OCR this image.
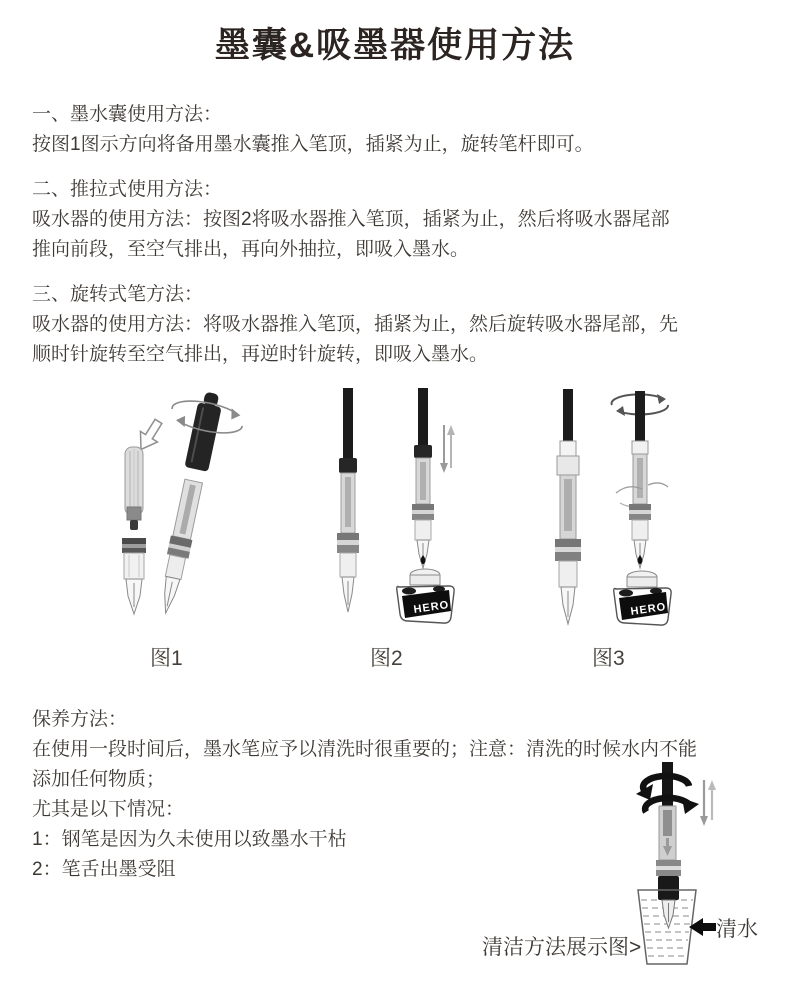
墨囊&吸墨器使用方法

一、墨水囊使用方法：

按图1图示方向将备用墨水囊推入笔顶，插紧为止，旋转笔杆即可。

二、推拉式使用方法：

吸水器的使用方法：按图2将吸水器推入笔顶，插紧为止，然后将吸水器尾部

推向前段，至空气排出，再向外抽拉，即吸入墨水。

三、旋转式笔方法：

吸水器的使用方法：将吸水器推入笔顶，插紧为止，然后旋转吸水器尾部，先

顺时针旋转至空气排出，再逆时针旋转，即吸入墨水。

HERO	HERO
图1	图2	图3

保养方法：

在使用一段时间后，墨水笔应予以清洗时很重要的；注意：清洗的时候水内不能

添加任何物质；

尤其是以下情况：

1：钢笔是因为久未使用以致墨水干枯

2：笔舌出墨受阻

清洁方法展示图>
清水
